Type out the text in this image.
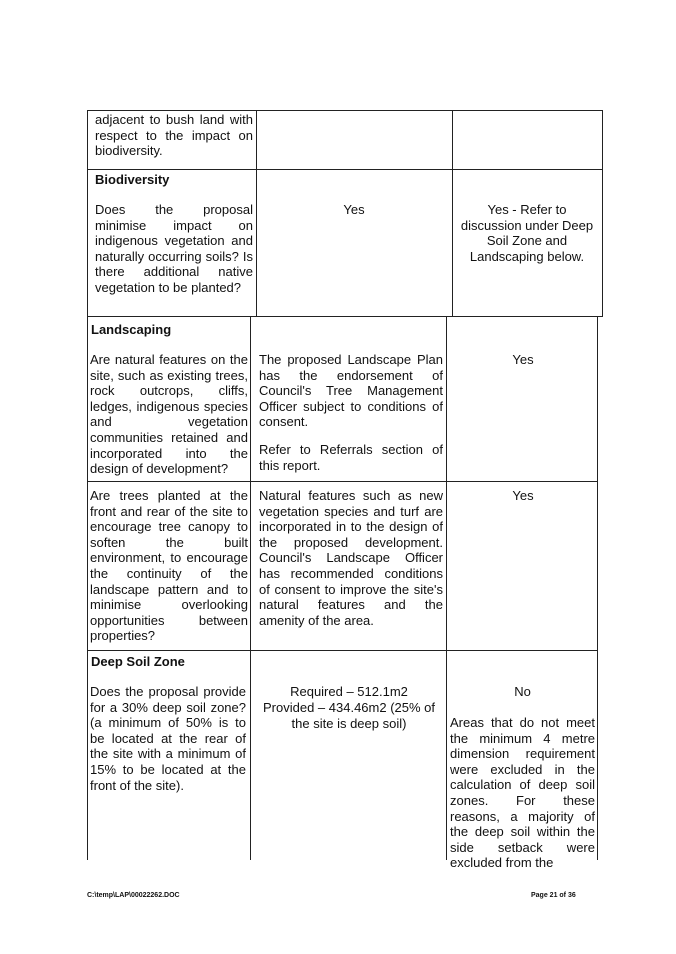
adjacent to bush land with respect to the impact on biodiversity.
Biodiversity
Does the proposal minimise impact on indigenous vegetation and naturally occurring soils? Is there additional native vegetation to be planted?
Yes	Yes - Refer to discussion under Deep Soil Zone and Landscaping below.
Landscaping
Are natural features on the site, such as existing trees, rock outcrops, cliffs, ledges, indigenous species and vegetation communities retained and incorporated into the design of development?
The proposed Landscape Plan has the endorsement of Council's Tree Management Officer subject to conditions of consent.
Refer to Referrals section of this report.
Yes
Are trees planted at the front and rear of the site to encourage tree canopy to soften the built environment, to encourage the continuity of the landscape pattern and to minimise overlooking opportunities between properties?
Natural features such as new vegetation species and turf are incorporated in to the design of the proposed development. Council's Landscape Officer has recommended conditions of consent to improve the site's natural features and the amenity of the area.
Yes
Deep Soil Zone
Does the proposal provide for a 30% deep soil zone? (a minimum of 50% is to be located at the rear of the site with a minimum of 15% to be located at the front of the site).
Required – 512.1m2
Provided – 434.46m2 (25% of the site is deep soil)
No
Areas that do not meet the minimum 4 metre dimension requirement were excluded in the calculation of deep soil zones. For these reasons, a majority of the deep soil within the side setback were excluded from the
C:\temp\LAP\00022262.DOC	Page 21 of 36
